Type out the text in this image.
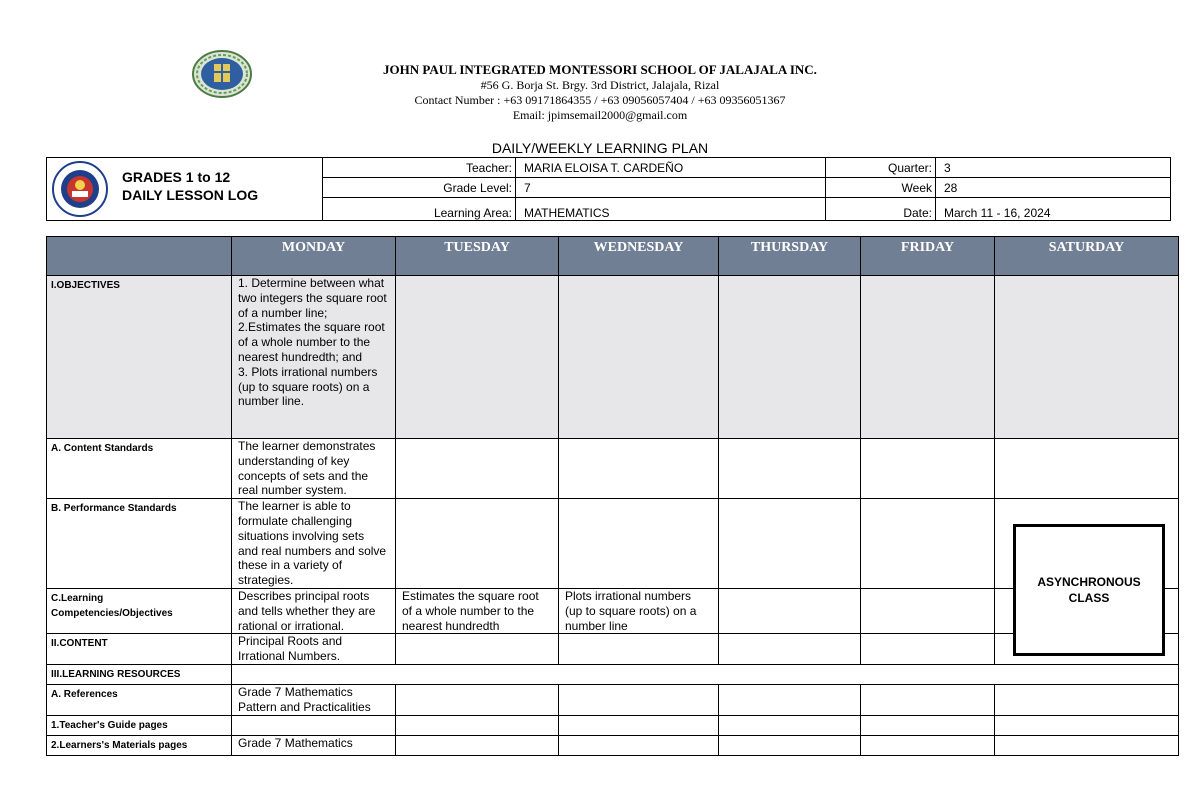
JOHN PAUL INTEGRATED MONTESSORI SCHOOL OF JALAJALA INC.
#56 G. Borja St. Brgy. 3rd District, Jalajala, Rizal
Contact Number : +63 09171864355 / +63 09056057404 / +63 09356051367
Email: jpimsemail2000@gmail.com
DAILY/WEEKLY LEARNING PLAN
GRADES 1 to 12
DAILY LESSON LOG	Teacher:	MARIA ELOISA T. CARDEÑO	Quarter:	3
	Grade Level:	7	Week	28
	Learning Area:	MATHEMATICS	Date:	March 11 - 16, 2024
	MONDAY	TUESDAY	WEDNESDAY	THURSDAY	FRIDAY	SATURDAY
I.OBJECTIVES	1. Determine between what two integers the square root of a number line;
2.Estimates the square root of a whole number to the nearest hundredth; and
3. Plots irrational numbers (up to square roots) on a number line.					
A. Content Standards	The learner demonstrates understanding of key concepts of sets and the real number system.					
B. Performance Standards	The learner is able to formulate challenging situations involving sets and real numbers and solve these in a variety of strategies.					
C.Learning Competencies/Objectives	Describes principal roots and tells whether they are rational or irrational.	Estimates the square root of a whole number to the nearest hundredth	Plots irrational numbers (up to square roots) on a number line			
II.CONTENT	Principal Roots and Irrational Numbers.					
III.LEARNING RESOURCES						
A. References	Grade 7 Mathematics Pattern and Practicalities					
1.Teacher's Guide pages						
2.Learners's Materials pages	Grade 7 Mathematics					
ASYNCHRONOUS CLASS
